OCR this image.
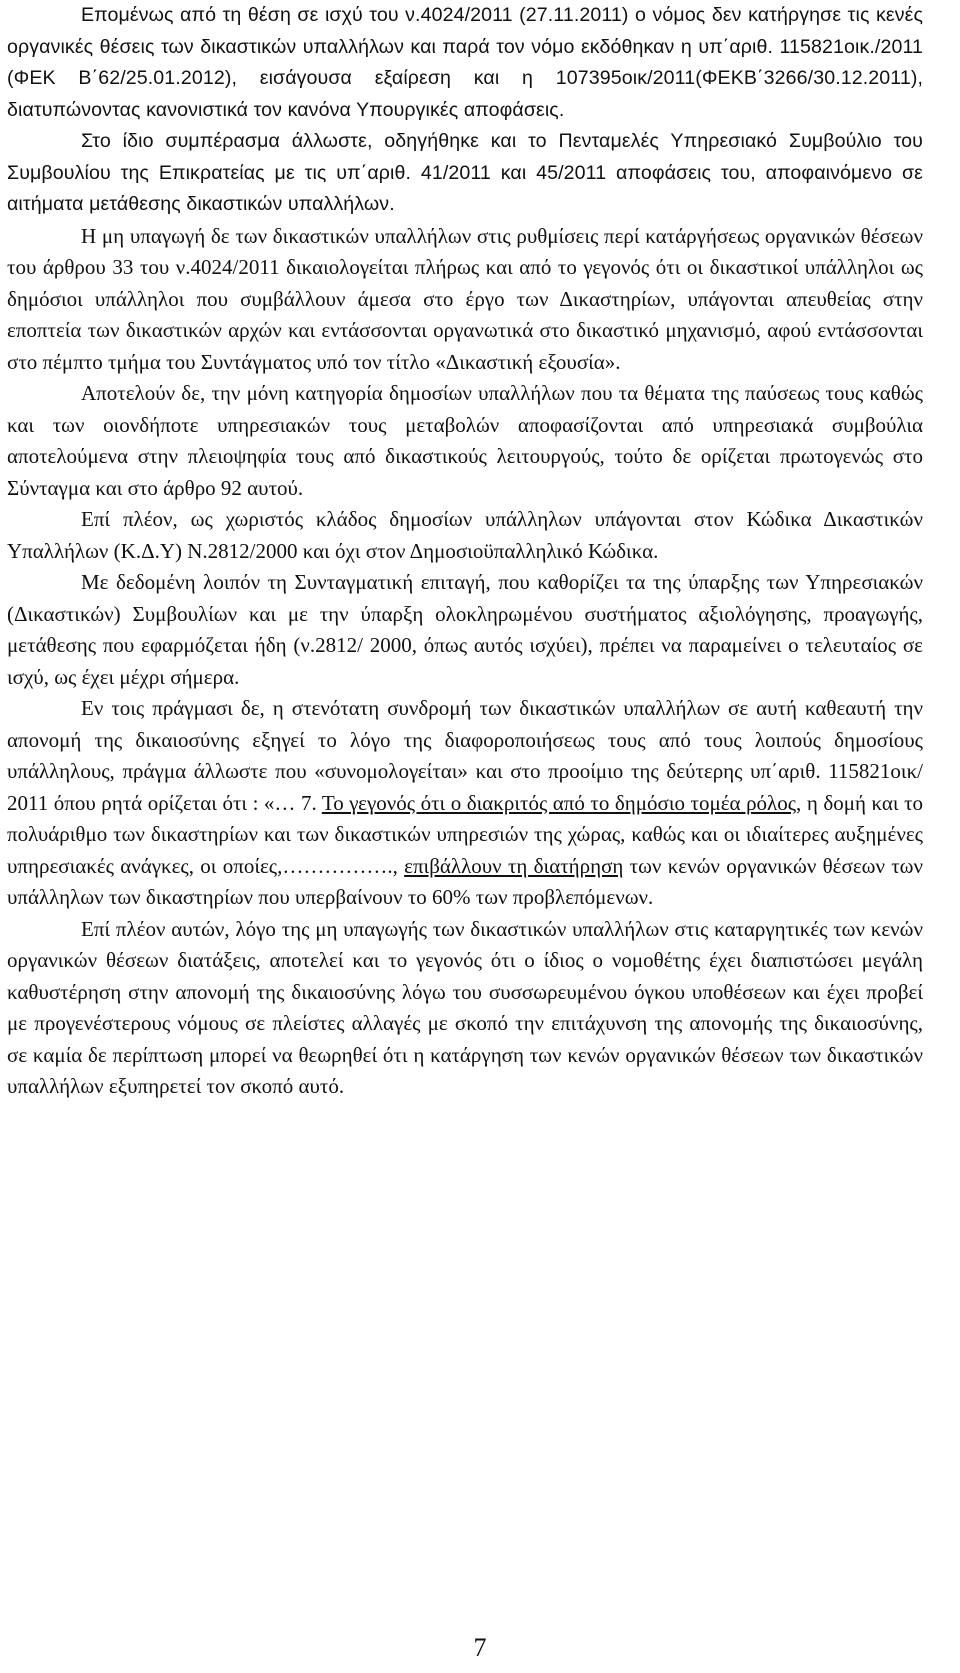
Επομένως από τη θέση σε ισχύ του ν.4024/2011 (27.11.2011) ο νόμος δεν κατήργησε τις κενές οργανικές θέσεις των δικαστικών υπαλλήλων και παρά τον νόμο εκδόθηκαν η υπ΄αριθ. 115821οικ./2011 (ΦΕΚ Β΄62/25.01.2012), εισάγουσα εξαίρεση και η 107395οικ/2011(ΦΕΚΒ΄3266/30.12.2011), διατυπώνοντας κανονιστικά τον κανόνα Υπουργικές αποφάσεις.

Στο ίδιο συμπέρασμα άλλωστε, οδηγήθηκε και το Πενταμελές Υπηρεσιακό Συμβούλιο του Συμβουλίου της Επικρατείας με τις υπ΄αριθ. 41/2011 και 45/2011 αποφάσεις του, αποφαινόμενο σε αιτήματα μετάθεσης δικαστικών υπαλλήλων.

Η μη υπαγωγή δε των δικαστικών υπαλλήλων στις ρυθμίσεις περί κατάργήσεως οργανικών θέσεων του άρθρου 33 του ν.4024/2011 δικαιολογείται πλήρως και από το γεγονός ότι οι δικαστικοί υπάλληλοι ως δημόσιοι υπάλληλοι που συμβάλλουν άμεσα στο έργο των Δικαστηρίων, υπάγονται απευθείας στην εποπτεία των δικαστικών αρχών και εντάσσονται οργανωτικά στο δικαστικό μηχανισμό, αφού εντάσσονται στο πέμπτο τμήμα του Συντάγματος υπό τον τίτλο «Δικαστική εξουσία».

Αποτελούν δε, την μόνη κατηγορία δημοσίων υπαλλήλων που τα θέματα της παύσεως τους καθώς και των οιονδήποτε υπηρεσιακών τους μεταβολών αποφασίζονται από υπηρεσιακά συμβούλια αποτελούμενα στην πλειοψηφία τους από δικαστικούς λειτουργούς, τούτο δε ορίζεται πρωτογενώς στο Σύνταγμα και στο άρθρο 92 αυτού.

Επί πλέον, ως χωριστός κλάδος δημοσίων υπάλληλων υπάγονται στον Κώδικα Δικαστικών Υπαλλήλων (Κ.Δ.Υ) Ν.2812/2000 και όχι στον Δημοσιοϋπαλληλικό Κώδικα.

Με δεδομένη λοιπόν τη Συνταγματική επιταγή, που καθορίζει τα της ύπαρξης των Υπηρεσιακών (Δικαστικών) Συμβουλίων και με την ύπαρξη ολοκληρωμένου συστήματος αξιολόγησης, προαγωγής, μετάθεσης που εφαρμόζεται ήδη (ν.2812/ 2000, όπως αυτός ισχύει), πρέπει να παραμείνει ο τελευταίος σε ισχύ, ως έχει μέχρι σήμερα.

Εν τοις πράγμασι δε, η στενότατη συνδρομή των δικαστικών υπαλλήλων σε αυτή καθεαυτή την απονομή της δικαιοσύνης εξηγεί το λόγο της διαφοροποιήσεως τους από τους λοιπούς δημοσίους υπάλληλους, πράγμα άλλωστε που «συνομολογείται» και στο προοίμιο της δεύτερης υπ΄αριθ. 115821οικ/ 2011 όπου ρητά ορίζεται ότι : «… 7. Το γεγονός ότι ο διακριτός από το δημόσιο τομέα ρόλος, η δομή και το πολυάριθμο των δικαστηρίων και των δικαστικών υπηρεσιών της χώρας, καθώς και οι ιδιαίτερες αυξημένες υπηρεσιακές ανάγκες, οι οποίες,……………., επιβάλλουν τη διατήρηση των κενών οργανικών θέσεων των υπάλληλων των δικαστηρίων που υπερβαίνουν το 60% των προβλεπόμενων.

Επί πλέον αυτών, λόγο της μη υπαγωγής των δικαστικών υπαλλήλων στις καταργητικές των κενών οργανικών θέσεων διατάξεις, αποτελεί και το γεγονός ότι ο ίδιος ο νομοθέτης έχει διαπιστώσει μεγάλη καθυστέρηση στην απονομή της δικαιοσύνης λόγω του συσσωρευμένου όγκου υποθέσεων και έχει προβεί με προγενέστερους νόμους σε πλείστες αλλαγές με σκοπό την επιτάχυνση της απονομής της δικαιοσύνης, σε καμία δε περίπτωση μπορεί να θεωρηθεί ότι η κατάργηση των κενών οργανικών θέσεων των δικαστικών υπαλλήλων εξυπηρετεί τον σκοπό αυτό.

7
